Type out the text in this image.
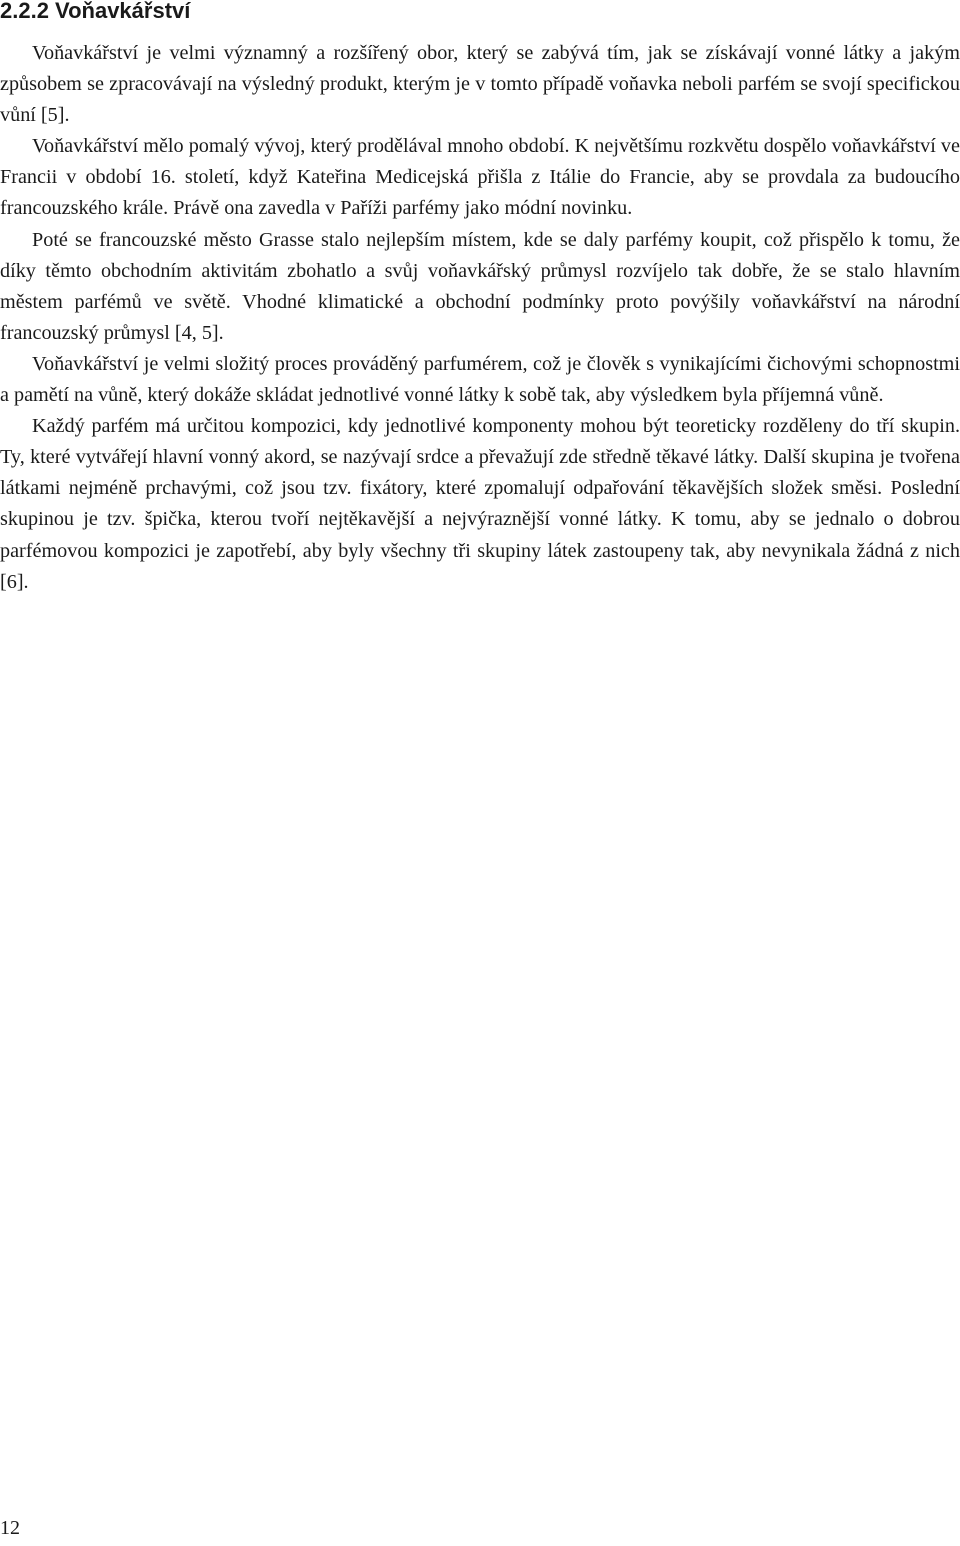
2.2.2 Voňavkářství

Voňavkářství je velmi významný a rozšířený obor, který se zabývá tím, jak se získávají vonné látky a jakým způsobem se zpracovávají na výsledný produkt, kterým je v tomto případě voňavka neboli parfém se svojí specifickou vůní [5].

Voňavkářství mělo pomalý vývoj, který prodělával mnoho období. K největšímu rozkvětu dospělo voňavkářství ve Francii v období 16. století, když Kateřina Medicejská přišla z Itálie do Francie, aby se provdala za budoucího francouzského krále. Právě ona zavedla v Paříži parfémy jako módní novinku.

Poté se francouzské město Grasse stalo nejlepším místem, kde se daly parfémy koupit, což přispělo k tomu, že díky těmto obchodním aktivitám zbohatlo a svůj voňavkářský průmysl rozvíjelo tak dobře, že se stalo hlavním městem parfémů ve světě. Vhodné klimatické a obchodní podmínky proto povýšily voňavkářství na národní francouzský průmysl [4, 5].

Voňavkářství je velmi složitý proces prováděný parfumérem, což je člověk s vynikajícími čichovými schopnostmi a pamětí na vůně, který dokáže skládat jednotlivé vonné látky k sobě tak, aby výsledkem byla příjemná vůně.

Každý parfém má určitou kompozici, kdy jednotlivé komponenty mohou být teoreticky rozděleny do tří skupin. Ty, které vytvářejí hlavní vonný akord, se nazývají srdce a převažují zde středně těkavé látky. Další skupina je tvořena látkami nejméně prchavými, což jsou tzv. fixátory, které zpomalují odpařování těkavějších složek směsi. Poslední skupinou je tzv. špička, kterou tvoří nejtěkavější a nejvýraznější vonné látky. K tomu, aby se jednalo o dobrou parfémovou kompozici je zapotřebí, aby byly všechny tři skupiny látek zastoupeny tak, aby nevynikala žádná z nich [6].

12
